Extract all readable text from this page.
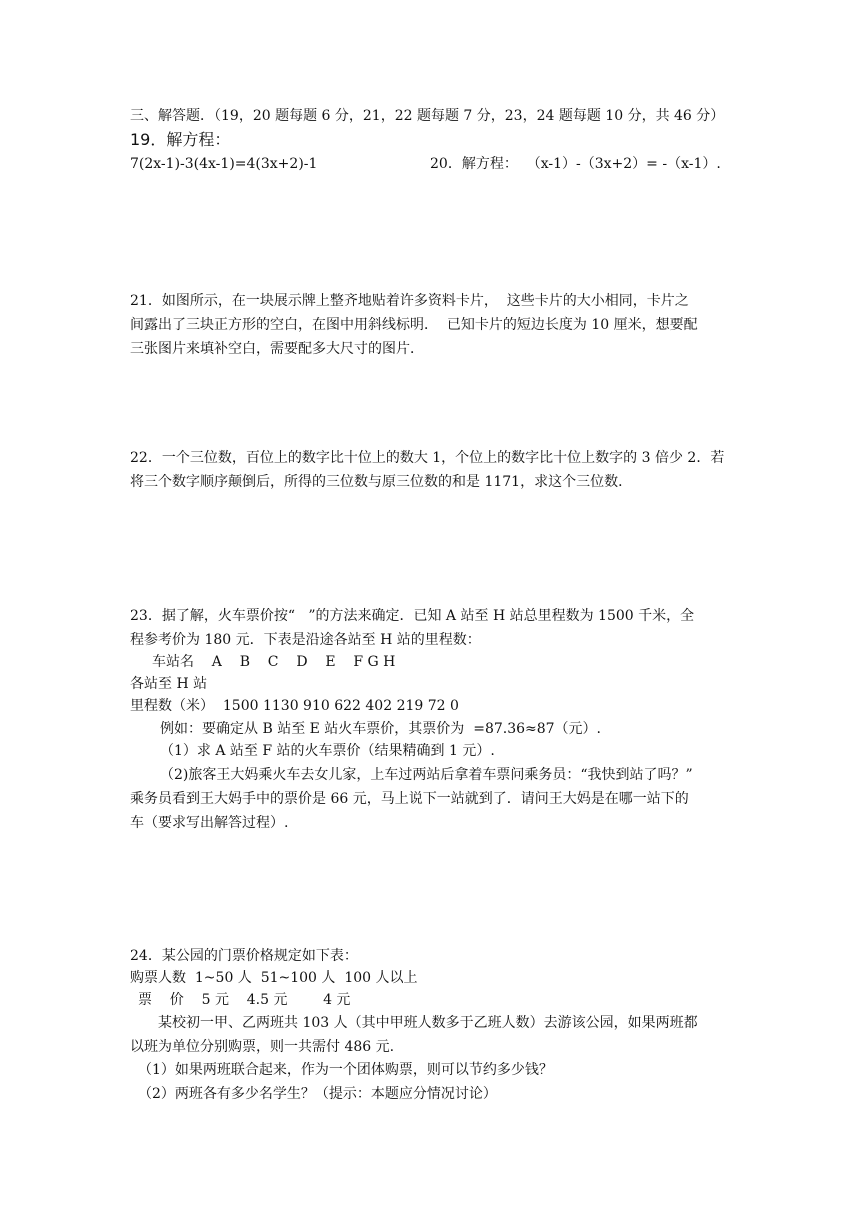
三、解答题．（19，20 题每题 6 分，21，22 题每题 7 分，23，24 题每题 10 分，共 46 分）
19．解方程：
7(2x-1)-3(4x-1)=4(3x+2)-1	20．解方程：  （x-1）-（3x+2）= -（x-1）.
21．如图所示，在一块展示牌上整齐地贴着许多资料卡片，  这些卡片的大小相同，卡片之
间露出了三块正方形的空白，在图中用斜线标明．  已知卡片的短边长度为 10 厘米，想要配
三张图片来填补空白，需要配多大尺寸的图片．
22．一个三位数，百位上的数字比十位上的数大 1，个位上的数字比十位上数字的 3 倍少 2．若
将三个数字顺序颠倒后，所得的三位数与原三位数的和是 1171，求这个三位数．
23．据了解，火车票价按“   ”的方法来确定．已知 A 站至 H 站总里程数为 1500 千米，全
程参考价为 180 元．下表是沿途各站至 H 站的里程数：
车站名    A    B    C    D    E    F G H
各站至 H 站
里程数（米）  1500 1130 910 622 402 219 72 0
例如：要确定从 B 站至 E 站火车票价，其票价为  =87.36≈87（元）.
（1）求 A 站至 F 站的火车票价（结果精确到 1 元）.
（2)旅客王大妈乘火车去女儿家，上车过两站后拿着车票问乘务员：“我快到站了吗？”
乘务员看到王大妈手中的票价是 66 元，马上说下一站就到了．请问王大妈是在哪一站下的
车（要求写出解答过程）.
24．某公园的门票价格规定如下表：
购票人数  1~50 人  51~100 人  100 人以上
票    价    5 元    4.5 元        4 元
某校初一甲、乙两班共 103 人（其中甲班人数多于乙班人数）去游该公园，如果两班都
以班为单位分别购票，则一共需付 486 元.
（1）如果两班联合起来，作为一个团体购票，则可以节约多少钱？
（2）两班各有多少名学生？（提示：本题应分情况讨论）
